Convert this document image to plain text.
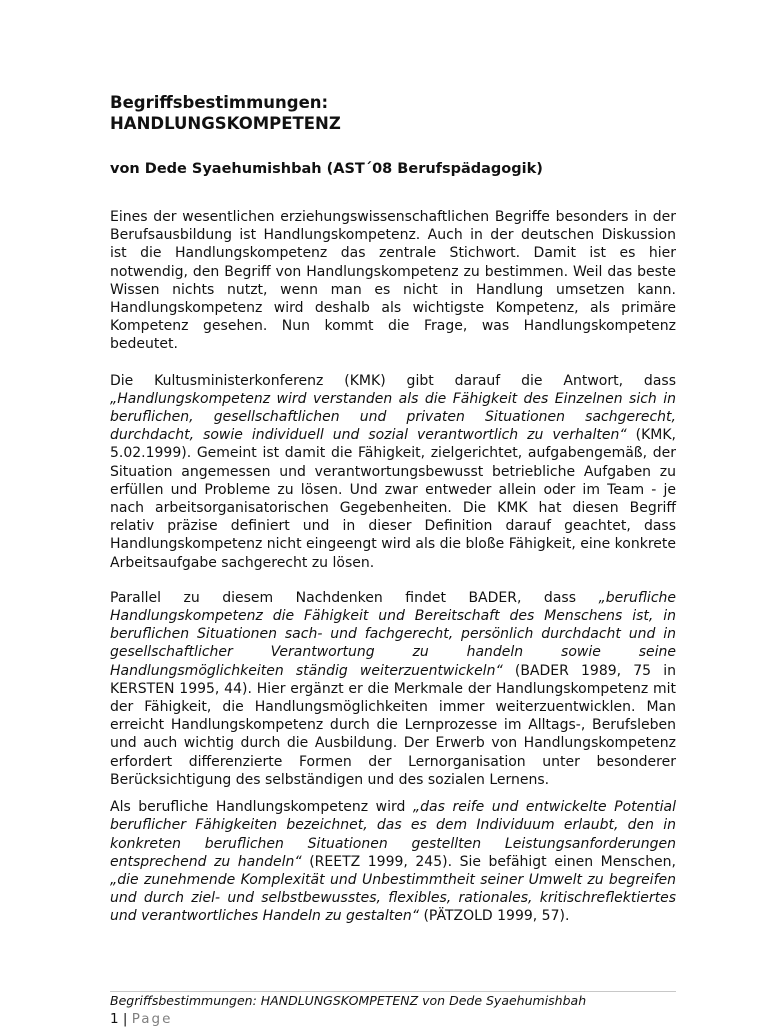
Begriffsbestimmungen:
HANDLUNGSKOMPETENZ

von Dede Syaehumishbah (AST´08 Berufspädagogik)

Eines der wesentlichen erziehungswissenschaftlichen Begriffe besonders in der Berufsausbildung ist Handlungskompetenz. Auch in der deutschen Diskussion ist die Handlungskompetenz das zentrale Stichwort. Damit ist es hier notwendig, den Begriff von Handlungskompetenz zu bestimmen. Weil das beste Wissen nichts nutzt, wenn man es nicht in Handlung umsetzen kann. Handlungskompetenz wird deshalb als wichtigste Kompetenz, als primäre Kompetenz gesehen. Nun kommt die Frage, was Handlungskompetenz bedeutet.

Die Kultusministerkonferenz (KMK) gibt darauf die Antwort, dass „Handlungskompetenz wird verstanden als die Fähigkeit des Einzelnen sich in beruflichen, gesellschaftlichen und privaten Situationen sachgerecht, durchdacht, sowie individuell und sozial verantwortlich zu verhalten“ (KMK, 5.02.1999). Gemeint ist damit die Fähigkeit, zielgerichtet, aufgabengemäß, der Situation angemessen und verantwortungsbewusst betriebliche Aufgaben zu erfüllen und Probleme zu lösen. Und zwar entweder allein oder im Team - je nach arbeitsorganisatorischen Gegebenheiten. Die KMK hat diesen Begriff relativ präzise definiert und in dieser Definition darauf geachtet, dass Handlungskompetenz nicht eingeengt wird als die bloße Fähigkeit, eine konkrete Arbeitsaufgabe sachgerecht zu lösen.

Parallel zu diesem Nachdenken findet BADER, dass „berufliche Handlungskompetenz die Fähigkeit und Bereitschaft des Menschens ist, in beruflichen Situationen sach- und fachgerecht, persönlich durchdacht und in gesellschaftlicher Verantwortung zu handeln sowie seine Handlungsmöglichkeiten ständig weiterzuentwickeln“ (BADER 1989, 75 in KERSTEN 1995, 44). Hier ergänzt er die Merkmale der Handlungskompetenz mit der Fähigkeit, die Handlungsmöglichkeiten immer weiterzuentwicklen. Man erreicht Handlungskompetenz durch die Lernprozesse im Alltags-, Berufsleben und auch wichtig durch die Ausbildung. Der Erwerb von Handlungskompetenz erfordert differenzierte Formen der Lernorganisation unter besonderer Berücksichtigung des selbständigen und des sozialen Lernens.

Als berufliche Handlungskompetenz wird „das reife und entwickelte Potential beruflicher Fähigkeiten bezeichnet, das es dem Individuum erlaubt, den in konkreten beruflichen Situationen gestellten Leistungsanforderungen entsprechend zu handeln“ (REETZ 1999, 245). Sie befähigt einen Menschen, „die zunehmende Komplexität und Unbestimmtheit seiner Umwelt zu begreifen und durch ziel- und selbstbewusstes, flexibles, rationales, kritischreflektiertes und verantwortliches Handeln zu gestalten“ (PÄTZOLD 1999, 57).

Begriffsbestimmungen: HANDLUNGSKOMPETENZ von Dede Syaehumishbah
1 | Page
